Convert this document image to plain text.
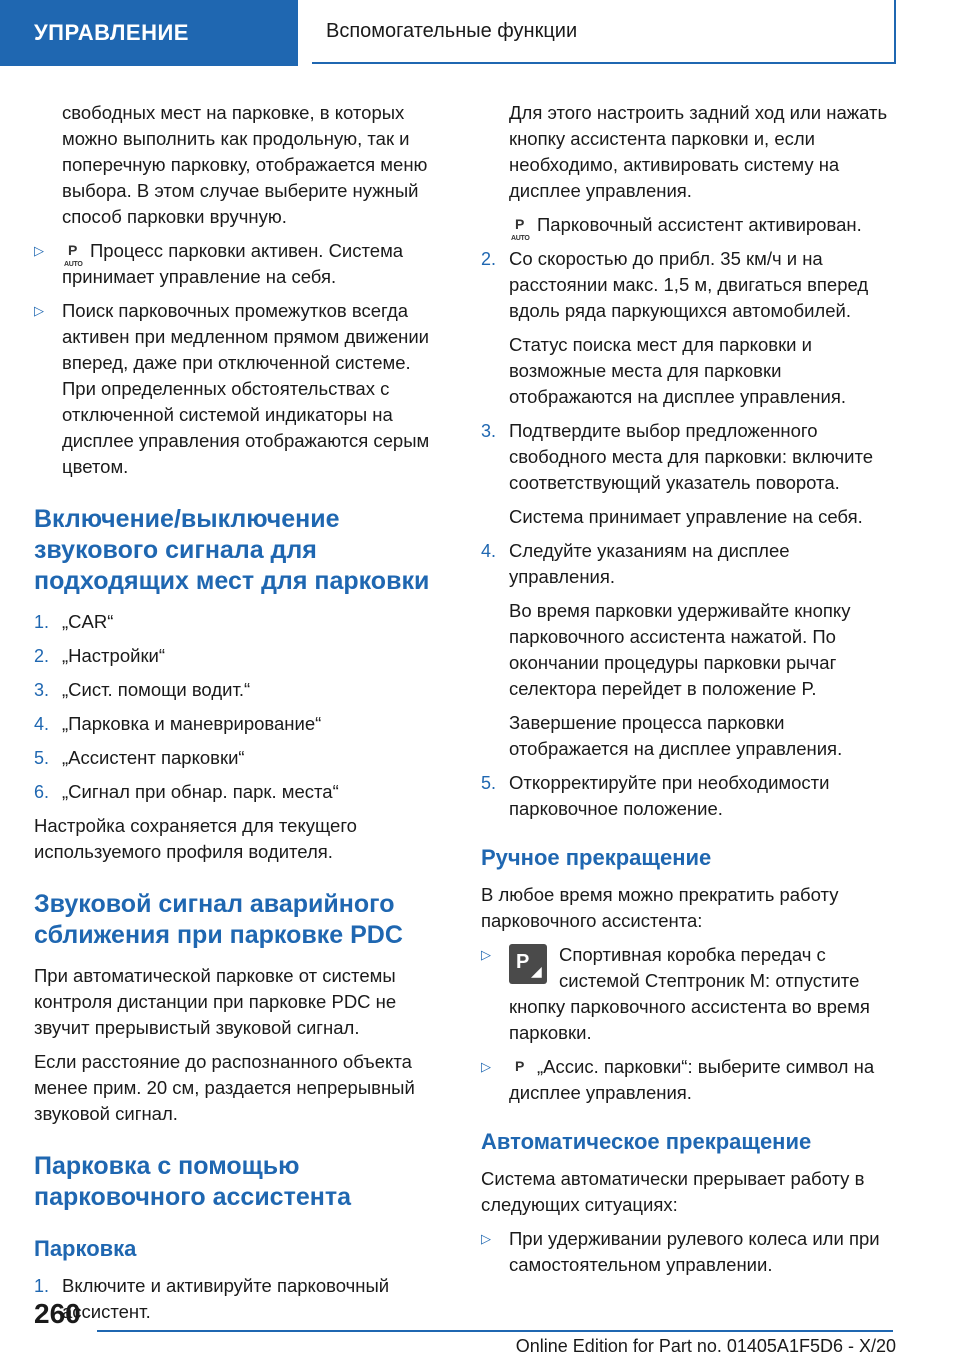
УПРАВЛЕНИЕ	Вспомогательные функции

свободных мест на парковке, в которых можно выполнить как продольную, так и поперечную парковку, отображается меню выбора. В этом случае выберите нужный способ парковки вручную.

▷ P
AUTO
Процесс парковки активен. Система принимает управление на себя.
▷ Поиск парковочных промежутков всегда активен при медленном прямом движении вперед, даже при отключенной системе. При определенных обстоятельствах с отключенной системой индикаторы на дисплее управления отображаются серым цветом.
Включение/выключение звукового сигнала для подходящих мест для парковки
1. „CAR“
2. „Настройки“
3. „Сист. помощи водит.“
4. „Парковка и маневрирование“
5. „Ассистент парковки“
6. „Сигнал при обнар. парк. места“

Настройка сохраняется для текущего используемого профиля водителя.

Звуковой сигнал аварийного сближения при парковке PDC

При автоматической парковке от системы контроля дистанции при парковке PDC не звучит прерывистый звуковой сигнал.

Если расстояние до распознанного объекта менее прим. 20 см, раздается непрерывный звуковой сигнал.

Парковка с помощью парковочного ассистента
Парковка
1. Включите и активируйте парковочный ассистент.

Для этого настроить задний ход или нажать кнопку ассистента парковки и, если необходимо, активировать систему на дисплее управления.

P
AUTO
Парковочный ассистент активирован.

2. Со скоростью до прибл. 35 км/ч и на расстоянии макс. 1,5 м, двигаться вперед вдоль ряда паркующихся автомобилей.

Статус поиска мест для парковки и возможные места для парковки отображаются на дисплее управления.

3. Подтвердите выбор предложенного свободного места для парковки: включите соответствующий указатель поворота.

Система принимает управление на себя.

4. Следуйте указаниям на дисплее управления.

Во время парковки удерживайте кнопку парковочного ассистента нажатой. По окончании процедуры парковки рычаг селектора перейдет в положение P.

Завершение процесса парковки отображается на дисплее управления.

5. Откорректируйте при необходимости парковочное положение.
Ручное прекращение

В любое время можно прекратить работу парковочного ассистента:

▷ P ◢
Спортивная коробка передач с системой Стептроник M: отпустите кнопку парковочного ассистента во время парковки.
▷ P „Ассис. парковки“: выберите символ на дисплее управления.
Автоматическое прекращение

Система автоматически прерывает работу в следующих ситуациях:

▷ При удерживании рулевого колеса или при самостоятельном управлении.
260
Online Edition for Part no. 01405A1F5D6 - X/20
